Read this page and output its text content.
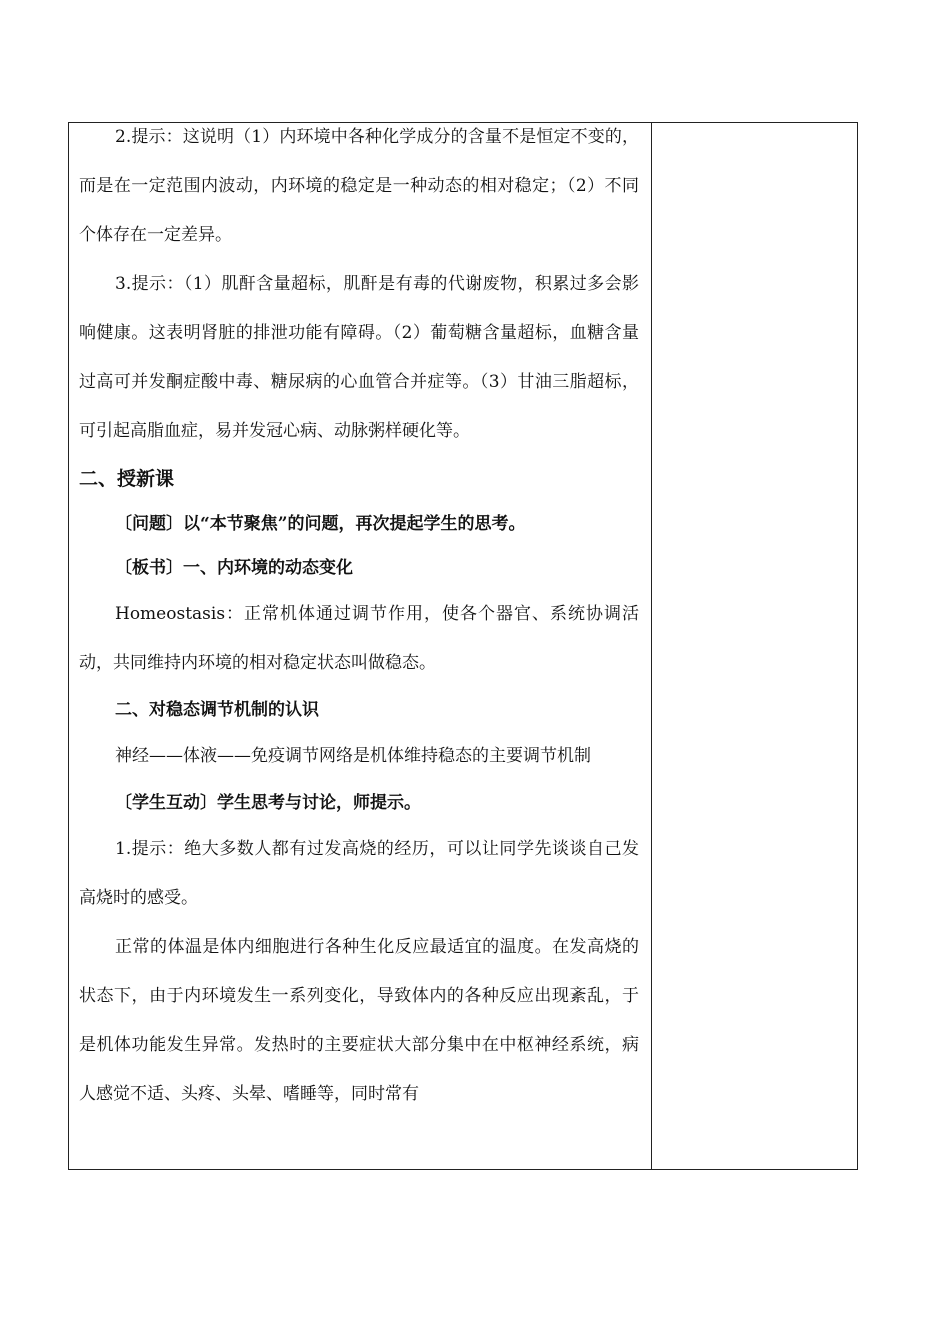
2.提示：这说明（1）内环境中各种化学成分的含量不是恒定不变的，而是在一定范围内波动，内环境的稳定是一种动态的相对稳定；（2）不同个体存在一定差异。

3.提示：（1）肌酐含量超标，肌酐是有毒的代谢废物，积累过多会影响健康。这表明肾脏的排泄功能有障碍。（2）葡萄糖含量超标，血糖含量过高可并发酮症酸中毒、糖尿病的心血管合并症等。（3）甘油三脂超标，可引起高脂血症，易并发冠心病、动脉粥样硬化等。

二、授新课

〔问题〕以“本节聚焦”的问题，再次提起学生的思考。

〔板书〕一、内环境的动态变化

Homeostasis：正常机体通过调节作用，使各个器官、系统协调活动，共同维持内环境的相对稳定状态叫做稳态。

二、对稳态调节机制的认识

神经——体液——免疫调节网络是机体维持稳态的主要调节机制

〔学生互动〕学生思考与讨论，师提示。

1.提示：绝大多数人都有过发高烧的经历，可以让同学先谈谈自己发高烧时的感受。

正常的体温是体内细胞进行各种生化反应最适宜的温度。在发高烧的状态下，由于内环境发生一系列变化，导致体内的各种反应出现紊乱，于是机体功能发生异常。发热时的主要症状大部分集中在中枢神经系统，病人感觉不适、头疼、头晕、嗜睡等，同时常有
